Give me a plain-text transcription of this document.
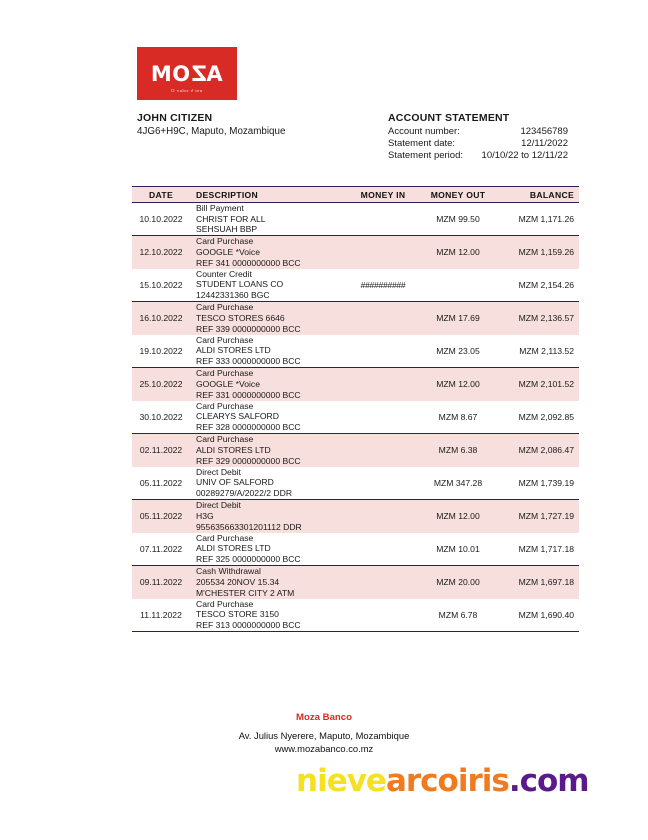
MOZA
O valor é teu
JOHN CITIZEN
4JG6+H9C, Maputo, Mozambique
ACCOUNT STATEMENT
Account number:	123456789
Statement date:	12/11/2022
Statement period: 10/10/22 to 12/11/22
DATE	DESCRIPTION	MONEY IN	MONEY OUT	BALANCE
10.10.2022	Bill Payment
CHRIST FOR ALL
SEHSUAH BBP		MZM 99.50	MZM 1,171.26
12.10.2022	Card Purchase
GOOGLE *Voice
REF 341 0000000000 BCC		MZM 12.00	MZM 1,159.26
15.10.2022	Counter Credit
STUDENT LOANS CO
12442331360 BGC	##########		MZM 2,154.26
16.10.2022	Card Purchase
TESCO STORES 6646
REF 339 0000000000 BCC		MZM 17.69	MZM 2,136.57
19.10.2022	Card Purchase
ALDI STORES LTD
REF 333 0000000000 BCC		MZM 23.05	MZM 2,113.52
25.10.2022	Card Purchase
GOOGLE *Voice
REF 331 0000000000 BCC		MZM 12.00	MZM 2,101.52
30.10.2022	Card Purchase
CLEARYS SALFORD
REF 328 0000000000 BCC		MZM 8.67	MZM 2,092.85
02.11.2022	Card Purchase
ALDI STORES LTD
REF 329 0000000000 BCC		MZM 6.38	MZM 2,086.47
05.11.2022	Direct Debit
UNIV OF SALFORD
00289279/A/2022/2 DDR		MZM 347.28	MZM 1,739.19
05.11.2022	Direct Debit
H3G
955635663301201112 DDR		MZM 12.00	MZM 1,727.19
07.11.2022	Card Purchase
ALDI STORES LTD
REF 325 0000000000 BCC		MZM 10.01	MZM 1,717.18
09.11.2022	Cash Withdrawal
205534 20NOV 15.34
M'CHESTER CITY 2 ATM		MZM 20.00	MZM 1,697.18
11.11.2022	Card Purchase
TESCO STORE 3150
REF 313 0000000000 BCC		MZM 6.78	MZM 1,690.40
Moza Banco
Av. Julius Nyerere, Maputo, Mozambique
www.mozabanco.co.mz
nievearcoiris.com
